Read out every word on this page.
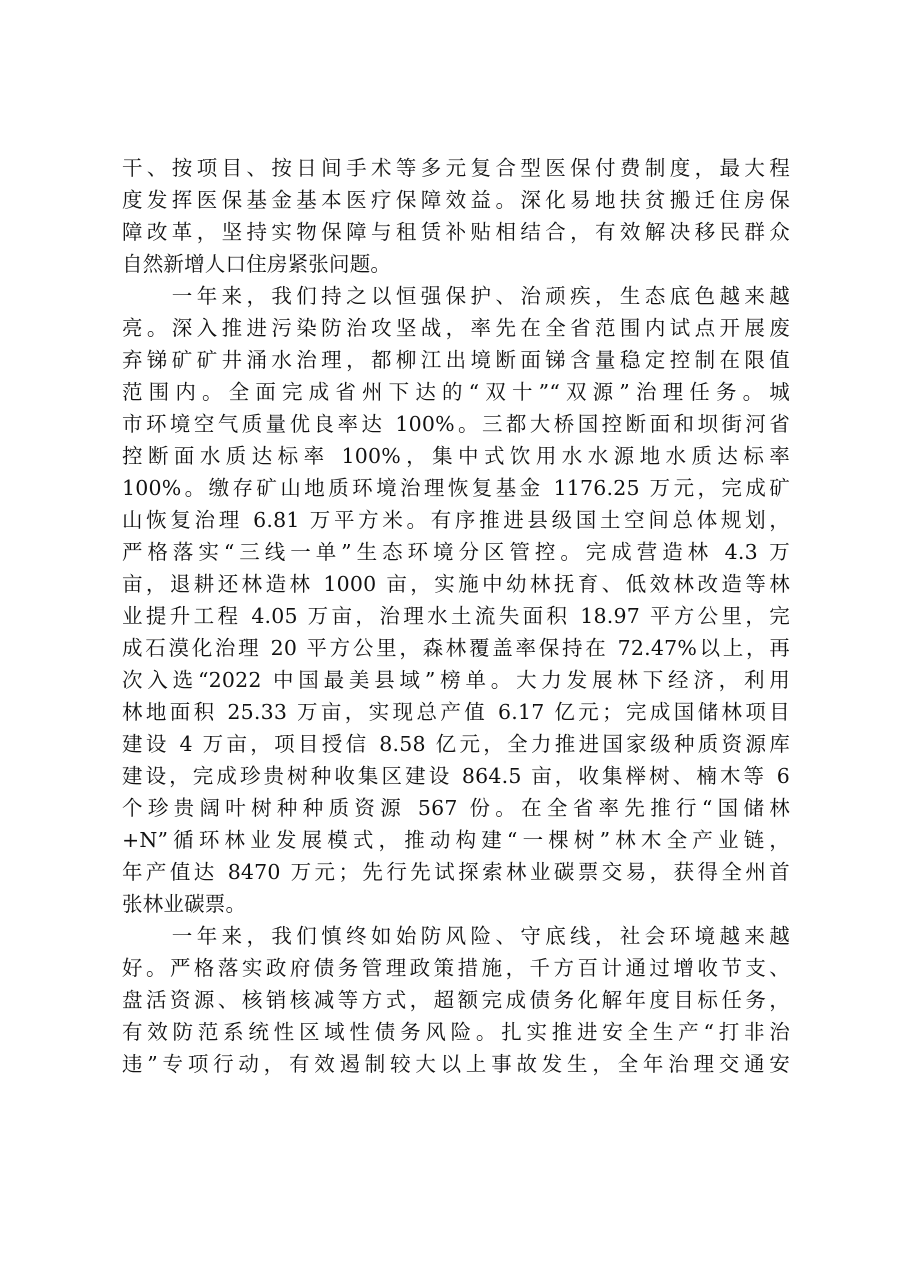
干、按项目、按日间手术等多元复合型医保付费制度，最大程
度发挥医保基金基本医疗保障效益。深化易地扶贫搬迁住房保
障改革，坚持实物保障与租赁补贴相结合，有效解决移民群众
自然新增人口住房紧张问题。
　　一年来，我们持之以恒强保护、治顽疾，生态底色越来越
亮。深入推进污染防治攻坚战，率先在全省范围内试点开展废
弃锑矿矿井涌水治理，都柳江出境断面锑含量稳定控制在限值
范围内。全面完成省州下达的“双十”“双源”治理任务。城
市环境空气质量优良率达 100%。三都大桥国控断面和坝街河省
控断面水质达标率 100%，集中式饮用水水源地水质达标率
100%。缴存矿山地质环境治理恢复基金 1176.25 万元，完成矿
山恢复治理 6.81 万平方米。有序推进县级国土空间总体规划，
严格落实“三线一单”生态环境分区管控。完成营造林 4.3 万
亩，退耕还林造林 1000 亩，实施中幼林抚育、低效林改造等林
业提升工程 4.05 万亩，治理水土流失面积 18.97 平方公里，完
成石漠化治理 20 平方公里，森林覆盖率保持在 72.47%以上，再
次入选“2022 中国最美县域”榜单。大力发展林下经济，利用
林地面积 25.33 万亩，实现总产值 6.17 亿元；完成国储林项目
建设 4 万亩，项目授信 8.58 亿元，全力推进国家级种质资源库
建设，完成珍贵树种收集区建设 864.5 亩，收集榉树、楠木等 6
个珍贵阔叶树种种质资源 567 份。在全省率先推行“国储林
+N”循环林业发展模式，推动构建“一棵树”林木全产业链，
年产值达 8470 万元；先行先试探索林业碳票交易，获得全州首
张林业碳票。
　　一年来，我们慎终如始防风险、守底线，社会环境越来越
好。严格落实政府债务管理政策措施，千方百计通过增收节支、
盘活资源、核销核减等方式，超额完成债务化解年度目标任务，
有效防范系统性区域性债务风险。扎实推进安全生产“打非治
违”专项行动，有效遏制较大以上事故发生，全年治理交通安
